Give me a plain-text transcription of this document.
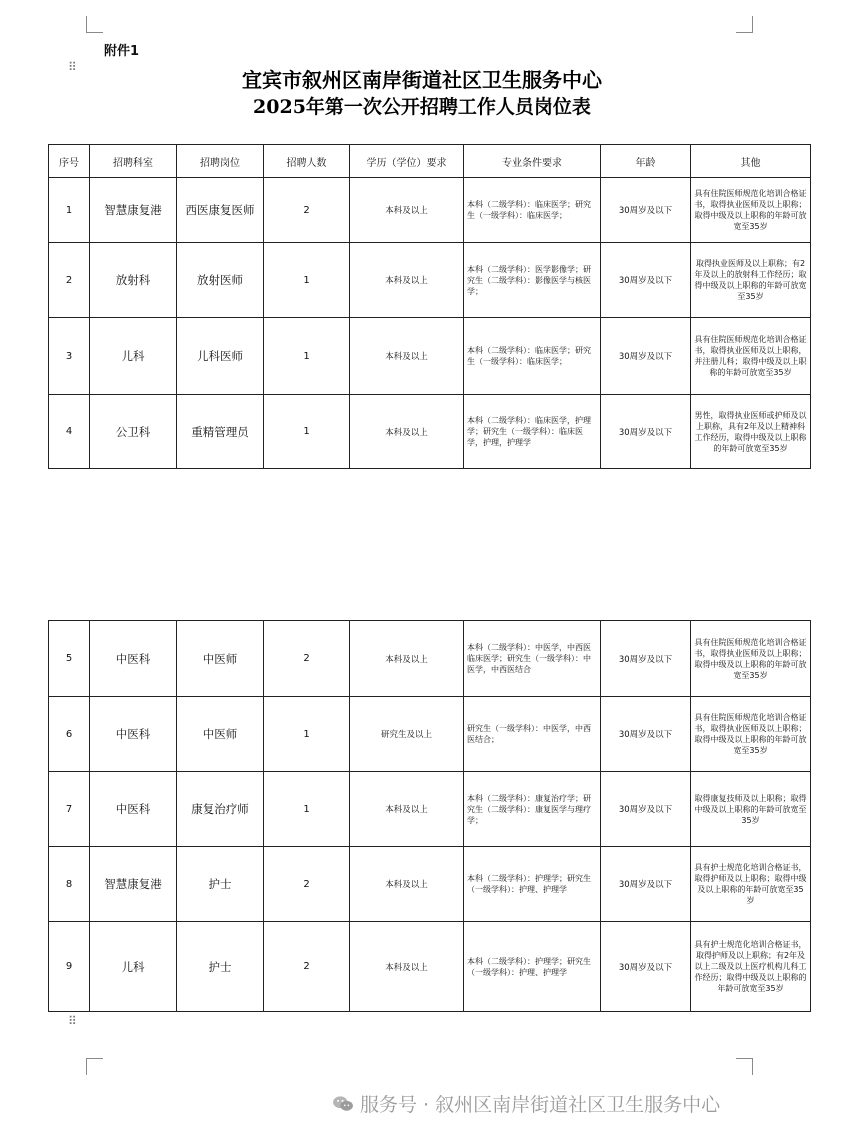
⠿
⠿
附件1
宜宾市叙州区南岸街道社区卫生服务中心
2025年第一次公开招聘工作人员岗位表
序号	招聘科室	招聘岗位	招聘人数	学历（学位）要求	专业条件要求	年龄	其他
1	智慧康复港	西医康复医师	2	本科及以上	本科（二级学科）：临床医学；研究生（一级学科）：临床医学；	30周岁及以下	具有住院医师规范化培训合格证书，取得执业医师及以上职称；取得中级及以上职称的年龄可放宽至35岁
2	放射科	放射医师	1	本科及以上	本科（二级学科）：医学影像学；研究生（二级学科）：影像医学与核医学；	30周岁及以下	取得执业医师及以上职称；有2年及以上的放射科工作经历；取得中级及以上职称的年龄可放宽至35岁
3	儿科	儿科医师	1	本科及以上	本科（二级学科）：临床医学；研究生（一级学科）：临床医学；	30周岁及以下	具有住院医师规范化培训合格证书，取得执业医师及以上职称，并注册儿科；取得中级及以上职称的年龄可放宽至35岁
4	公卫科	重精管理员	1	本科及以上	本科（二级学科）：临床医学，护理学；研究生（一级学科）：临床医学，护理，护理学	30周岁及以下	男性，取得执业医师或护师及以上职称，具有2年及以上精神科工作经历，取得中级及以上职称的年龄可放宽至35岁
5	中医科	中医师	2	本科及以上	本科（二级学科）：中医学，中西医临床医学；研究生（一级学科）：中医学，中西医结合	30周岁及以下	具有住院医师规范化培训合格证书，取得执业医师及以上职称；取得中级及以上职称的年龄可放宽至35岁
6	中医科	中医师	1	研究生及以上	研究生（一级学科）：中医学，中西医结合；	30周岁及以下	具有住院医师规范化培训合格证书，取得执业医师及以上职称；取得中级及以上职称的年龄可放宽至35岁
7	中医科	康复治疗师	1	本科及以上	本科（二级学科）：康复治疗学；研究生（二级学科）：康复医学与理疗学；	30周岁及以下	取得康复技师及以上职称；取得中级及以上职称的年龄可放宽至35岁
8	智慧康复港	护士	2	本科及以上	本科（二级学科）：护理学；研究生（一级学科）：护理、护理学	30周岁及以下	具有护士规范化培训合格证书，取得护师及以上职称；取得中级及以上职称的年龄可放宽至35岁
9	儿科	护士	2	本科及以上	本科（二级学科）：护理学；研究生（一级学科）：护理、护理学	30周岁及以下	具有护士规范化培训合格证书，取得护师及以上职称；有2年及以上二级及以上医疗机构儿科工作经历；取得中级及以上职称的年龄可放宽至35岁
服务号 · 叙州区南岸街道社区卫生服务中心
